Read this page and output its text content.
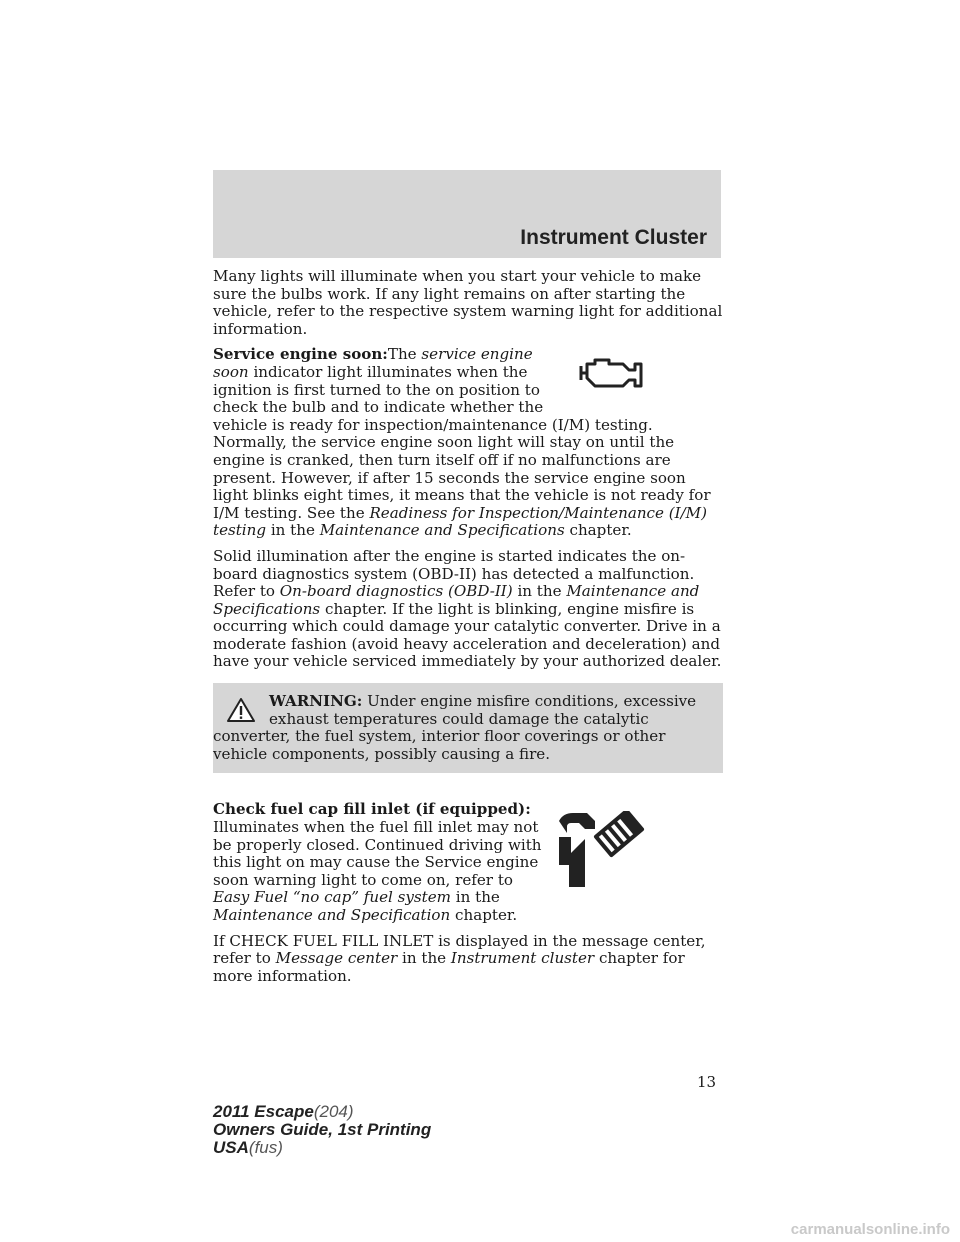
Instrument Cluster

Many lights will illuminate when you start your vehicle to make sure the bulbs work. If any light remains on after starting the vehicle, refer to the respective system warning light for additional information.

Service engine soon:The service engine soon indicator light illuminates when the ignition is first turned to the on position to check the bulb and to indicate whether the vehicle is ready for inspection/maintenance (I/M) testing. Normally, the service engine soon light will stay on until the engine is cranked, then turn itself off if no malfunctions are present. However, if after 15 seconds the service engine soon light blinks eight times, it means that the vehicle is not ready for I/M testing. See the Readiness for Inspection/Maintenance (I/M) testing in the Maintenance and Specifications chapter.

Solid illumination after the engine is started indicates the on-board diagnostics system (OBD-II) has detected a malfunction. Refer to On-board diagnostics (OBD-II) in the Maintenance and Specifications chapter. If the light is blinking, engine misfire is occurring which could damage your catalytic converter. Drive in a moderate fashion (avoid heavy acceleration and deceleration) and have your vehicle serviced immediately by your authorized dealer.

WARNING: Under engine misfire conditions, excessive exhaust temperatures could damage the catalytic converter, the fuel system, interior floor coverings or other vehicle components, possibly causing a fire.

Check fuel cap fill inlet (if equipped): Illuminates when the fuel fill inlet may not be properly closed. Continued driving with this light on may cause the Service engine soon warning light to come on, refer to Easy Fuel “no cap” fuel system in the Maintenance and Specification chapter.

If CHECK FUEL FILL INLET is displayed in the message center, refer to Message center in the Instrument cluster chapter for more information.

13
2011 Escape(204)
Owners Guide, 1st Printing
USA(fus)
carmanualsonline.info
